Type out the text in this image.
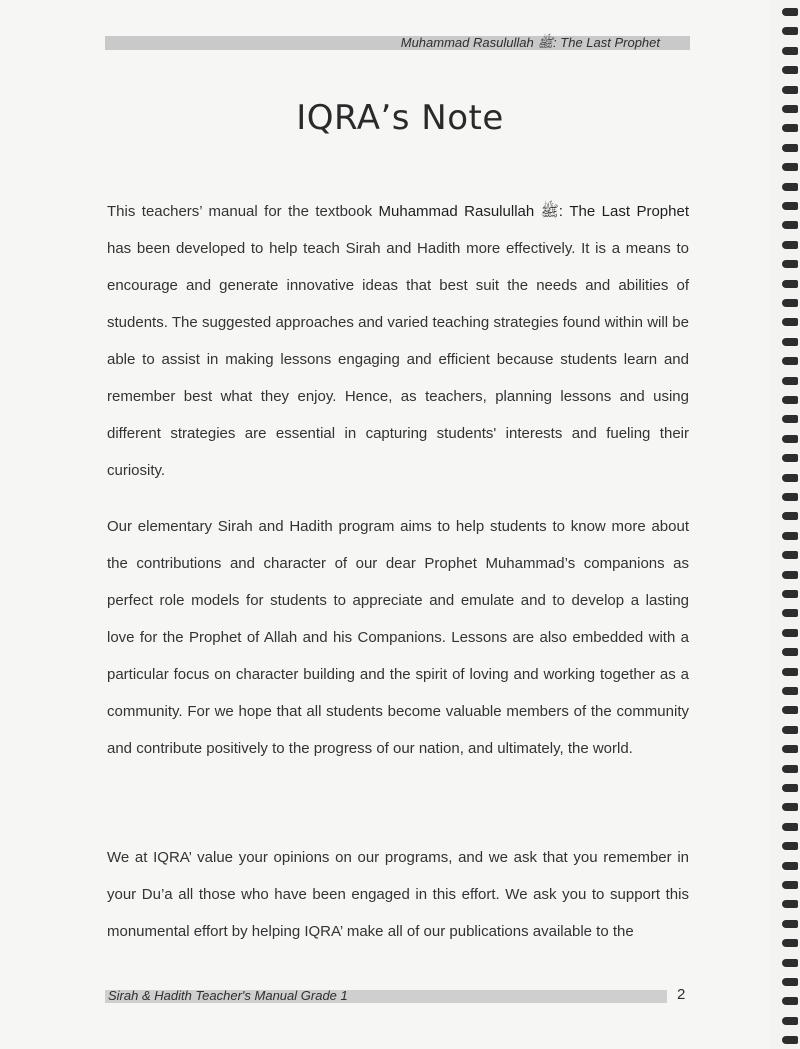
Muhammad Rasulullah ﷺ: The Last Prophet
IQRA’s Note
This teachers’ manual for the textbook Muhammad Rasulullah ﷺ: The Last Prophet has been developed to help teach Sirah and Hadith more effectively. It is a means to encourage and generate innovative ideas that best suit the needs and abilities of students. The suggested approaches and varied teaching strategies found within will be able to assist in making lessons engaging and efficient because students learn and remember best what they enjoy. Hence, as teachers, planning lessons and using different strategies are essential in capturing students' interests and fueling their curiosity.
Our elementary Sirah and Hadith program aims to help students to know more about the contributions and character of our dear Prophet Muhammad’s companions as perfect role models for students to appreciate and emulate and to develop a lasting love for the Prophet of Allah and his Companions. Lessons are also embedded with a particular focus on character building and the spirit of loving and working together as a community. For we hope that all students become valuable members of the community and contribute positively to the progress of our nation, and ultimately, the world.
We at IQRA’ value your opinions on our programs, and we ask that you remember in your Du’a all those who have been engaged in this effort. We ask you to support this monumental effort by helping IQRA’ make all of our publications available to the
Sirah & Hadith Teacher's Manual Grade 1	2
